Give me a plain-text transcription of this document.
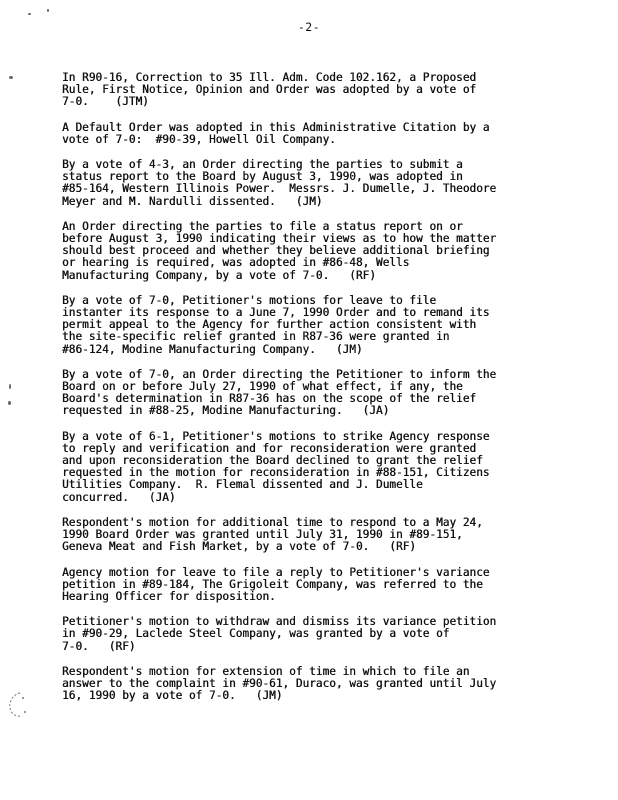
-2-

In R90-16, Correction to 35 Ill. Adm. Code 102.162, a Proposed
Rule, First Notice, Opinion and Order was adopted by a vote of
7-0.    (JTM)

A Default Order was adopted in this Administrative Citation by a
vote of 7-0:  #90-39, Howell Oil Company.

By a vote of 4-3, an Order directing the parties to submit a
status report to the Board by August 3, 1990, was adopted in
#85-164, Western Illinois Power.  Messrs. J. Dumelle, J. Theodore
Meyer and M. Nardulli dissented.   (JM)

An Order directing the parties to file a status report on or
before August 3, 1990 indicating their views as to how the matter
should best proceed and whether they believe additional briefing
or hearing is required, was adopted in #86-48, Wells
Manufacturing Company, by a vote of 7-0.   (RF)

By a vote of 7-0, Petitioner's motions for leave to file
instanter its response to a June 7, 1990 Order and to remand its
permit appeal to the Agency for further action consistent with
the site-specific relief granted in R87-36 were granted in
#86-124, Modine Manufacturing Company.   (JM)

By a vote of 7-0, an Order directing the Petitioner to inform the
Board on or before July 27, 1990 of what effect, if any, the
Board's determination in R87-36 has on the scope of the relief
requested in #88-25, Modine Manufacturing.   (JA)

By a vote of 6-1, Petitioner's motions to strike Agency response
to reply and verification and for reconsideration were granted
and upon reconsideration the Board declined to grant the relief
requested in the motion for reconsideration in #88-151, Citizens
Utilities Company.  R. Flemal dissented and J. Dumelle
concurred.   (JA)

Respondent's motion for additional time to respond to a May 24,
1990 Board Order was granted until July 31, 1990 in #89-151,
Geneva Meat and Fish Market, by a vote of 7-0.   (RF)

Agency motion for leave to file a reply to Petitioner's variance
petition in #89-184, The Grigoleit Company, was referred to the
Hearing Officer for disposition.

Petitioner's motion to withdraw and dismiss its variance petition
in #90-29, Laclede Steel Company, was granted by a vote of
7-0.   (RF)

Respondent's motion for extension of time in which to file an
answer to the complaint in #90-61, Duraco, was granted until July
16, 1990 by a vote of 7-0.   (JM)
